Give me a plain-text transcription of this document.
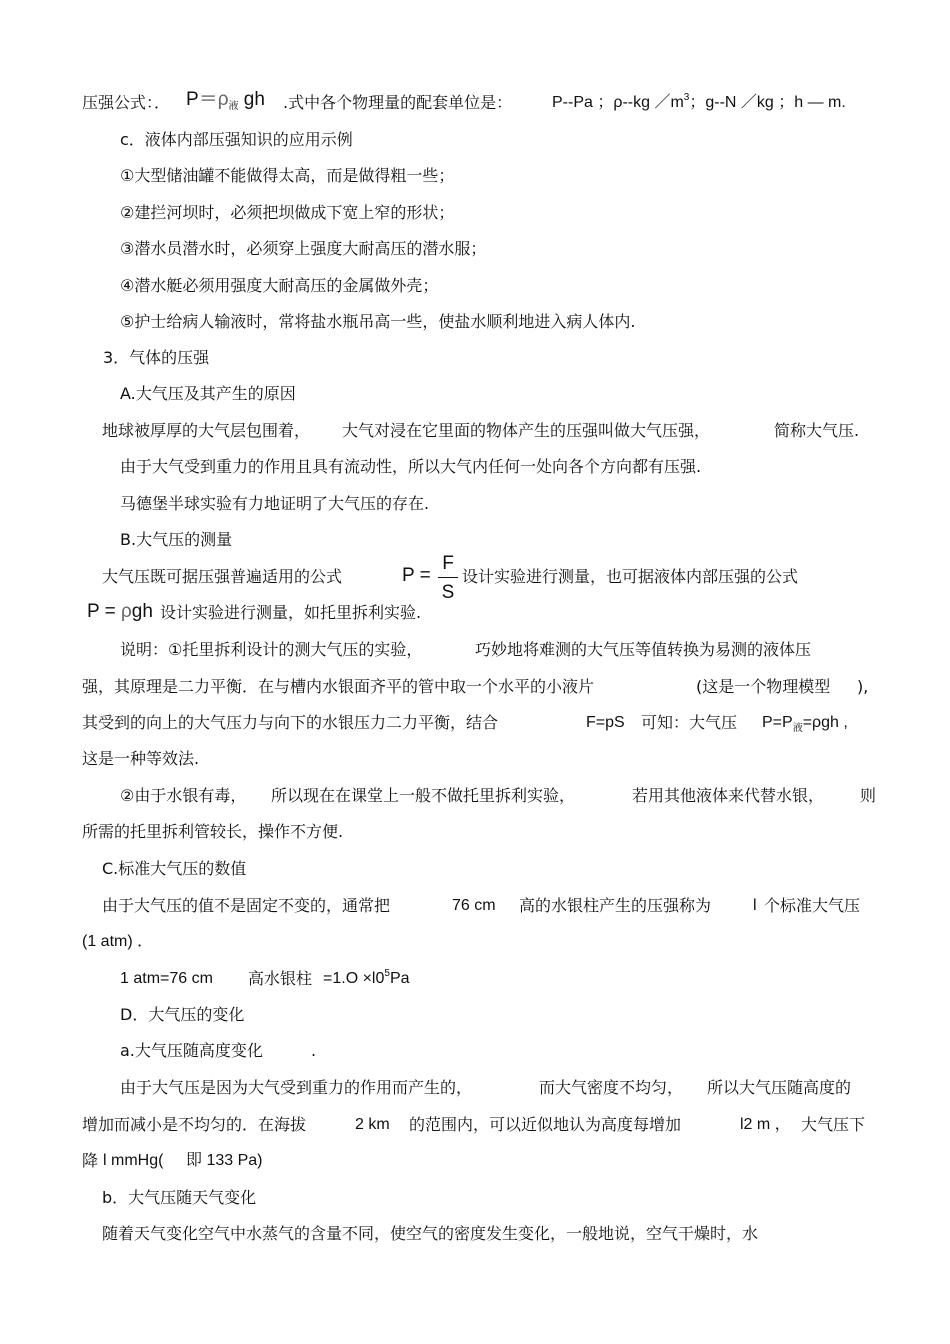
压强公式：． $P=\rho_液$ gh .式中各个物理量的配套单位是： P--Pa ；ρ--kg $/m^3$；g--N ／kg ；h — m.
c．液体内部压强知识的应用示例
①大型储油罐不能做得太高，而是做得粗一些；
②建拦河坝时，必须把坝做成下宽上窄的形状；
③潜水员潜水时，必须穿上强度大耐高压的潜水服；
④潜水艇必须用强度大耐高压的金属做外壳；
⑤护士给病人输液时，常将盐水瓶吊高一些，使盐水顺利地进入病人体内.
3．气体的压强
A.大气压及其产生的原因
地球被厚厚的大气层包围着， 大气对浸在它里面的物体产生的压强叫做大气压强，	简称大气压.
由于大气受到重力的作用且具有流动性，所以大气内任何一处向各个方向都有压强.
马德堡半球实验有力地证明了大气压的存在.
B.大气压的测量
大气压既可据压强普遍适用的公式	P =
F
S
设计实验进行测量，也可据液体内部压强的公式
P = ρgh 设计实验进行测量，如托里拆利实验.
说明：①托里拆利设计的测大气压的实验，	巧妙地将难测的大气压等值转换为易测的液体压
强，其原理是二力平衡．在与槽内水银面齐平的管中取一个水平的小液片	(这是一个物理模型 ),
其受到的向上的大气压力与向下的水银压力二力平衡，结合	F=pS 可知：大气压 $P=P_液=\rho gh$ ,
这是一种等效法.
②由于水银有毒， 所以现在在课堂上一般不做托里拆利实验，	若用其他液体来代替水银， 则
所需的托里拆利管较长，操作不方便.
C.标准大气压的数值
由于大气压的值不是固定不变的，通常把	76 cm 高的水银柱产生的压强称为	l 个标准大气压
(1 atm) ．
1 atm=76 cm 高水银柱 $=1.O \times l0^5Pa$
D．大气压的变化
a.大气压随高度变化	.
由于大气压是因为大气受到重力的作用而产生的，	而大气密度不均匀， 所以大气压随高度的
增加而减小是不均匀的．在海拔	2 km 的范围内，可以近似地认为高度每增加	l2 m ， 大气压下
降 l mmHg( 即 133 Pa)
b．大气压随天气变化
随着天气变化空气中水蒸气的含量不同，使空气的密度发生变化，一般地说，空气干燥时，水
